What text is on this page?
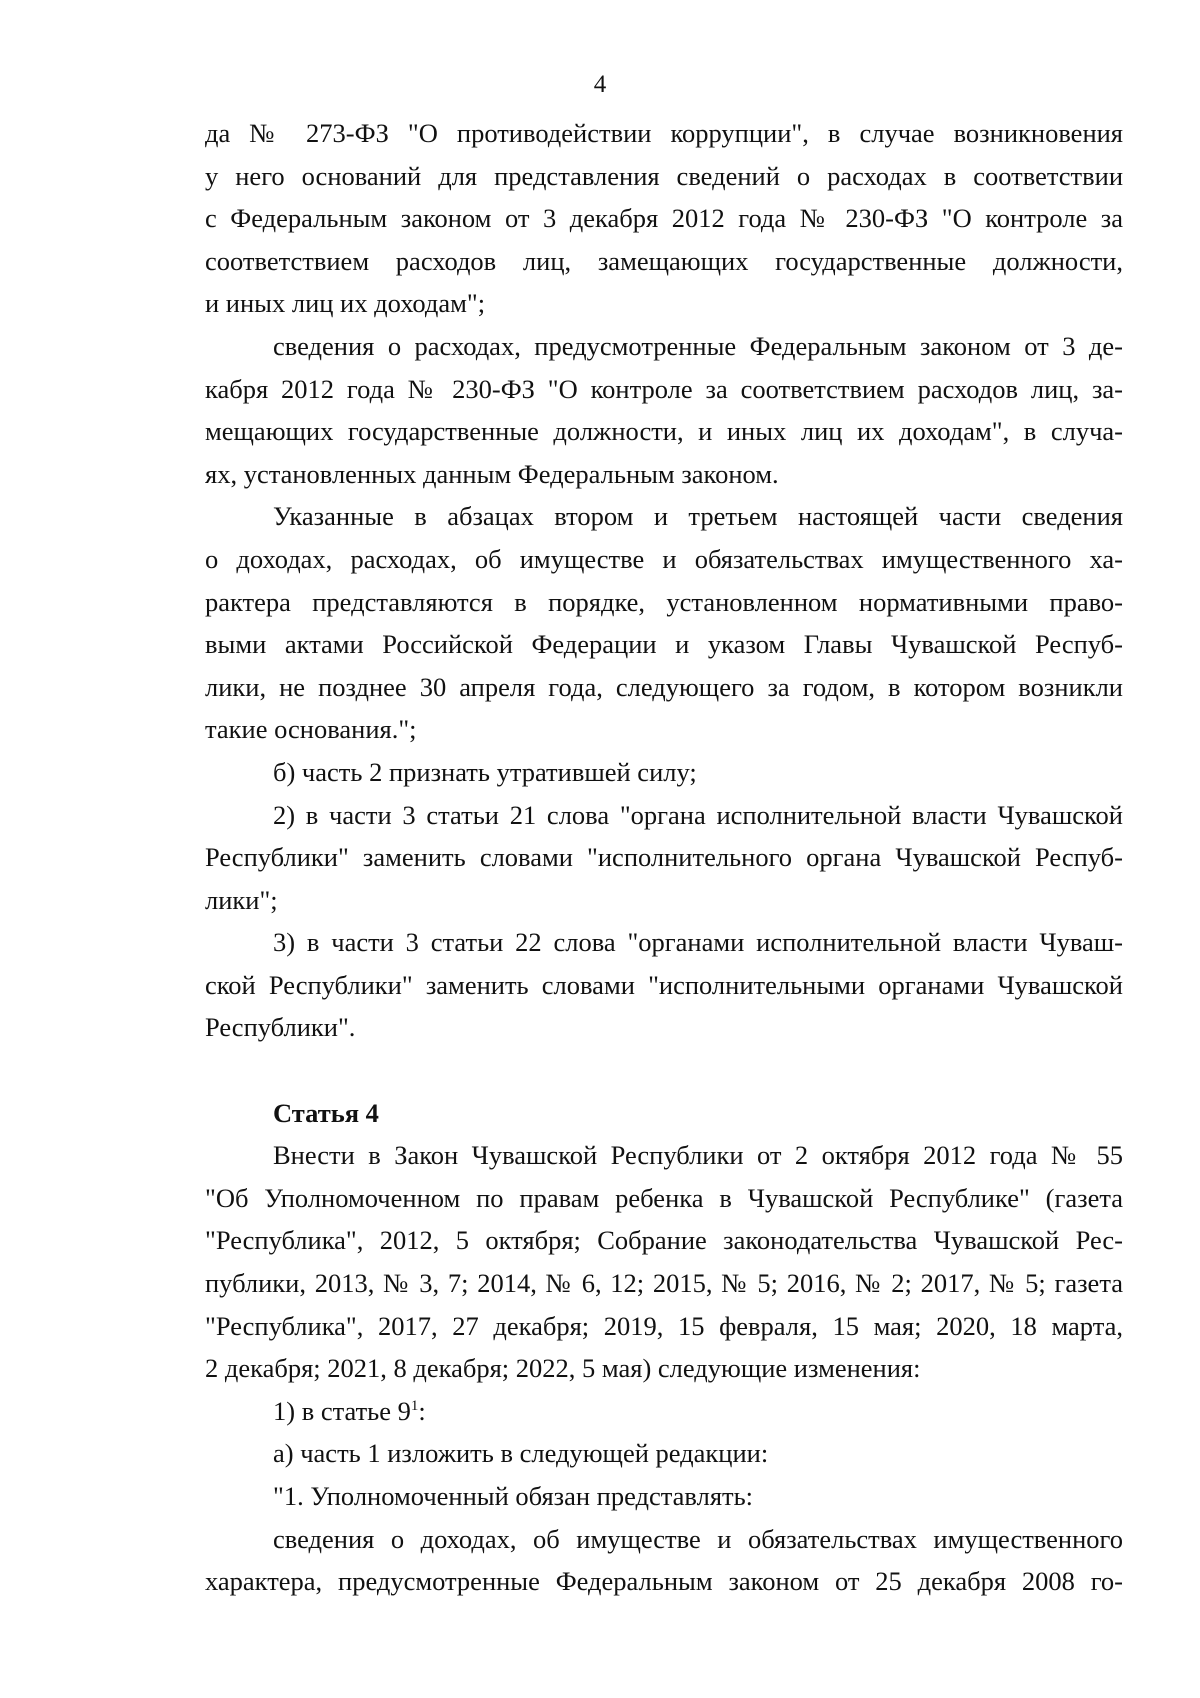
4
да № 273-ФЗ "О противодействии коррупции", в случае возникновения
у него оснований для представления сведений о расходах в соответствии
с Федеральным законом от 3 декабря 2012 года № 230-ФЗ "О контроле за
соответствием расходов лиц, замещающих государственные должности,
и иных лиц их доходам";
сведения о расходах, предусмотренные Федеральным законом от 3 де-
кабря 2012 года № 230-ФЗ "О контроле за соответствием расходов лиц, за-
мещающих государственные должности, и иных лиц их доходам", в случа-
ях, установленных данным Федеральным законом.
Указанные в абзацах втором и третьем настоящей части сведения
о доходах, расходах, об имуществе и обязательствах имущественного ха-
рактера представляются в порядке, установленном нормативными право-
выми актами Российской Федерации и указом Главы Чувашской Респуб-
лики, не позднее 30 апреля года, следующего за годом, в котором возникли
такие основания.";
б) часть 2 признать утратившей силу;
2) в части 3 статьи 21 слова "органа исполнительной власти Чувашской
Республики" заменить словами "исполнительного органа Чувашской Респуб-
лики";
3) в части 3 статьи 22 слова "органами исполнительной власти Чуваш-
ской Республики" заменить словами "исполнительными органами Чувашской
Республики".
Статья 4
Внести в Закон Чувашской Республики от 2 октября 2012 года № 55
"Об Уполномоченном по правам ребенка в Чувашской Республике" (газета
"Республика", 2012, 5 октября; Собрание законодательства Чувашской Рес-
публики, 2013, № 3, 7; 2014, № 6, 12; 2015, № 5; 2016, № 2; 2017, № 5; газета
"Республика", 2017, 27 декабря; 2019, 15 февраля, 15 мая; 2020, 18 марта,
2 декабря; 2021, 8 декабря; 2022, 5 мая) следующие изменения:
1) в статье $9^1$:
а) часть 1 изложить в следующей редакции:
"1. Уполномоченный обязан представлять:
сведения о доходах, об имуществе и обязательствах имущественного
характера, предусмотренные Федеральным законом от 25 декабря 2008 го-
